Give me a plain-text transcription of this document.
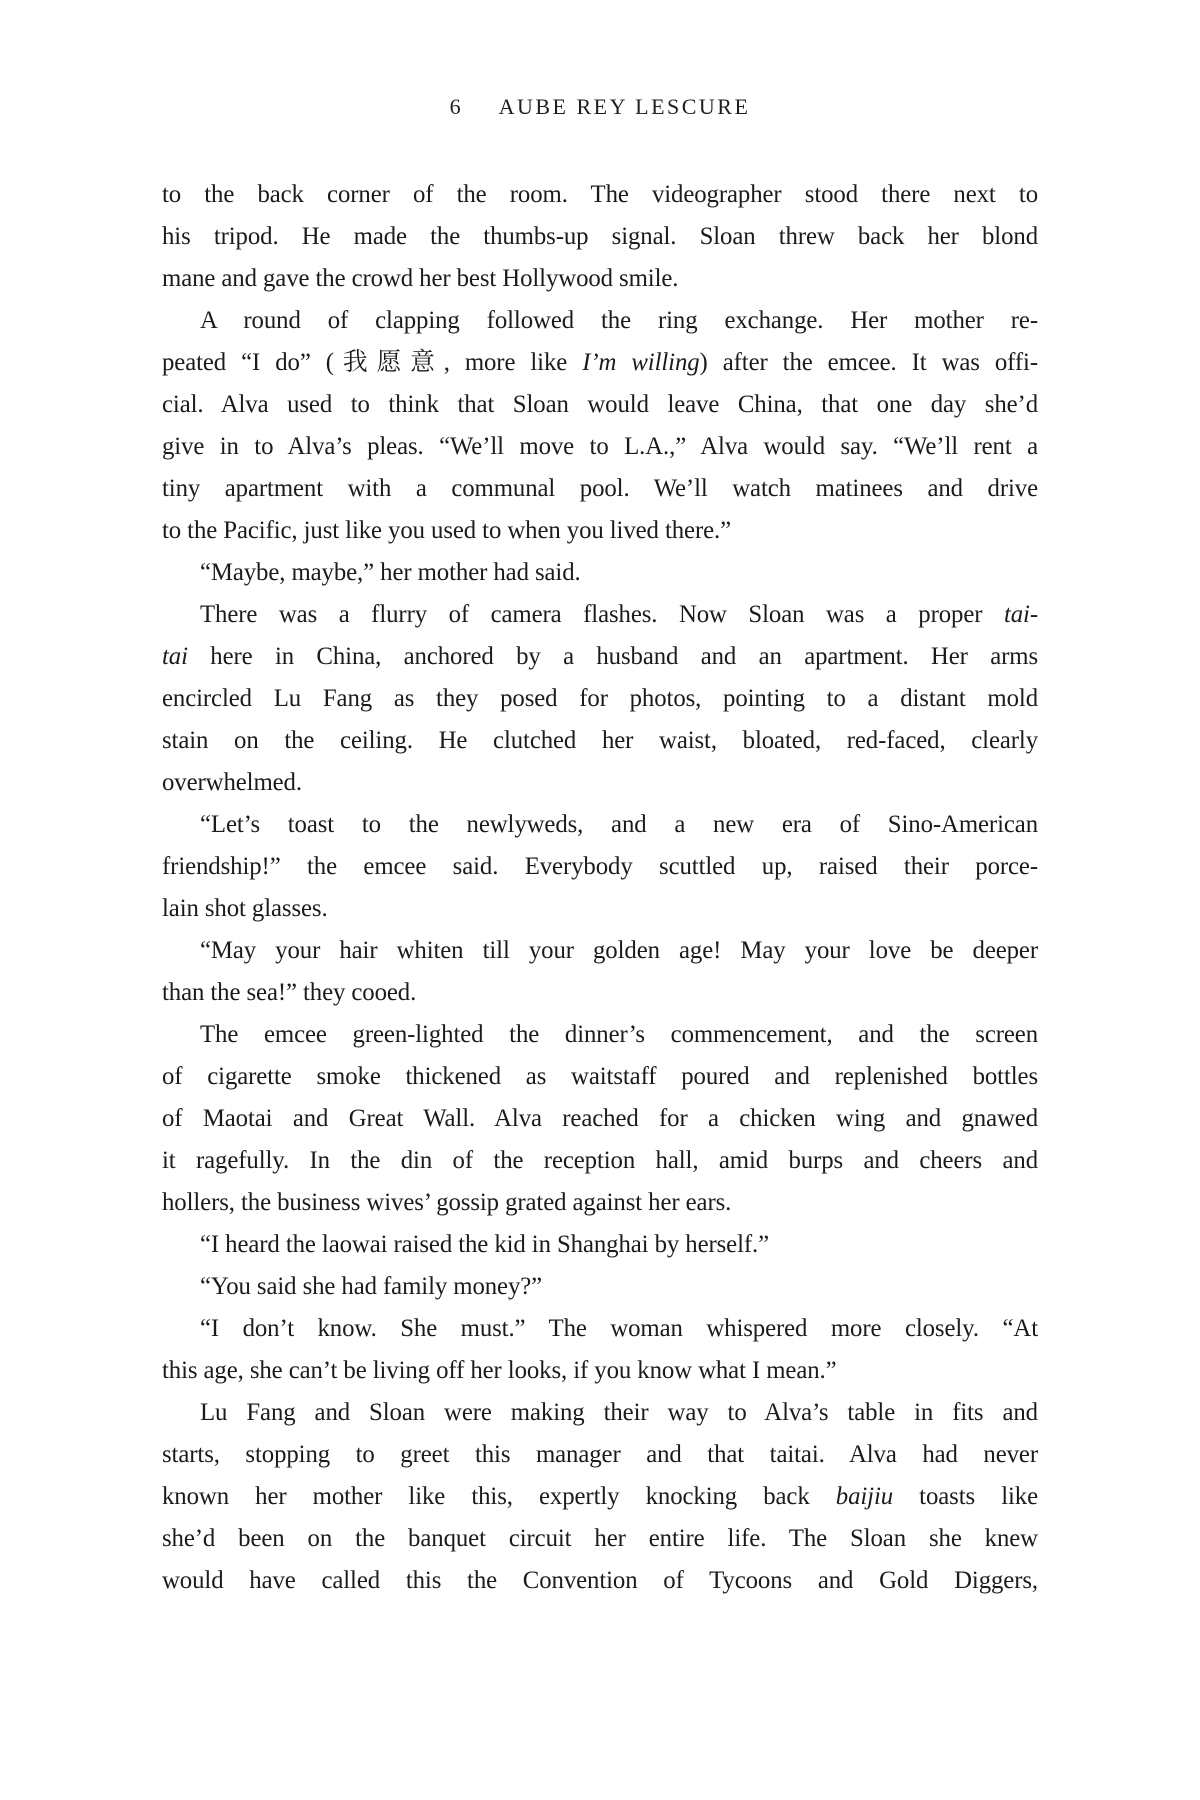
6 AUBE REY LESCURE
to the back corner of the room. The videographer stood there next to
his tripod. He made the thumbs-up signal. Sloan threw back her blond
mane and gave the crowd her best Hollywood smile.
A round of clapping followed the ring exchange. Her mother re-
peated “I do” (我愿意, more like I’m willing) after the emcee. It was offi-
cial. Alva used to think that Sloan would leave China, that one day she’d
give in to Alva’s pleas. “We’ll move to L.A.,” Alva would say. “We’ll rent a
tiny apartment with a communal pool. We’ll watch matinees and drive
to the Pacific, just like you used to when you lived there.”
“Maybe, maybe,” her mother had said.
There was a flurry of camera flashes. Now Sloan was a proper tai-
tai here in China, anchored by a husband and an apartment. Her arms
encircled Lu Fang as they posed for photos, pointing to a distant mold
stain on the ceiling. He clutched her waist, bloated, red-faced, clearly
overwhelmed.
“Let’s toast to the newlyweds, and a new era of Sino-American
friendship!” the emcee said. Everybody scuttled up, raised their porce-
lain shot glasses.
“May your hair whiten till your golden age! May your love be deeper
than the sea!” they cooed.
The emcee green-lighted the dinner’s commencement, and the screen
of cigarette smoke thickened as waitstaff poured and replenished bottles
of Maotai and Great Wall. Alva reached for a chicken wing and gnawed
it ragefully. In the din of the reception hall, amid burps and cheers and
hollers, the business wives’ gossip grated against her ears.
“I heard the laowai raised the kid in Shanghai by herself.”
“You said she had family money?”
“I don’t know. She must.” The woman whispered more closely. “At
this age, she can’t be living off her looks, if you know what I mean.”
Lu Fang and Sloan were making their way to Alva’s table in fits and
starts, stopping to greet this manager and that taitai. Alva had never
known her mother like this, expertly knocking back baijiu toasts like
she’d been on the banquet circuit her entire life. The Sloan she knew
would have called this the Convention of Tycoons and Gold Diggers,
